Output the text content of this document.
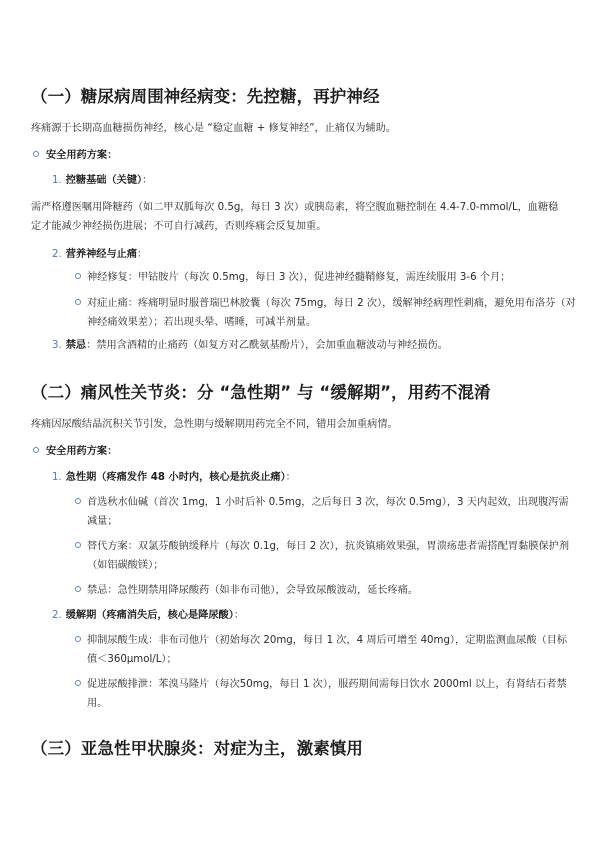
（一）糖尿病周围神经病变：先控糖，再护神经
疼痛源于长期高血糖损伤神经，核心是 “稳定血糖 + 修复神经”，止痛仅为辅助。
安全用药方案：
1. 控糖基础（关键）：
需严格遵医嘱用降糖药（如二甲双胍每次 0.5g，每日 3 次）或胰岛素，将空腹血糖控制在 4.4-7.0-mmol/L，血糖稳定才能减少神经损伤进展；不可自行减药，否则疼痛会反复加重。
2. 营养神经与止痛：
神经修复：甲钴胺片（每次 0.5mg，每日 3 次），促进神经髓鞘修复，需连续服用 3-6 个月；
对症止痛：疼痛明显时服普瑞巴林胶囊（每次 75mg，每日 2 次），缓解神经病理性刺痛，避免用布洛芬（对神经痛效果差）；若出现头晕、嗜睡，可减半剂量。
3. 禁忌：禁用含酒精的止痛药（如复方对乙酰氨基酚片），会加重血糖波动与神经损伤。
（二）痛风性关节炎：分 “急性期” 与 “缓解期”，用药不混淆
疼痛因尿酸结晶沉积关节引发，急性期与缓解期用药完全不同，错用会加重病情。
安全用药方案：
1. 急性期（疼痛发作 48 小时内，核心是抗炎止痛）：
首选秋水仙碱（首次 1mg，1 小时后补 0.5mg，之后每日 3 次，每次 0.5mg），3 天内起效，出现腹泻需减量；
替代方案：双氯芬酸钠缓释片（每次 0.1g，每日 2 次），抗炎镇痛效果强，胃溃疡患者需搭配胃黏膜保护剂（如铝碳酸镁）；
禁忌：急性期禁用降尿酸药（如非布司他），会导致尿酸波动，延长疼痛。
2. 缓解期（疼痛消失后，核心是降尿酸）：
抑制尿酸生成：非布司他片（初始每次 20mg，每日 1 次，4 周后可增至 40mg），定期监测血尿酸（目标值＜360μmol/L）；
促进尿酸排泄：苯溴马隆片（每次50mg，每日 1 次），服药期间需每日饮水 2000ml 以上，有肾结石者禁用。
（三）亚急性甲状腺炎：对症为主，激素慎用
